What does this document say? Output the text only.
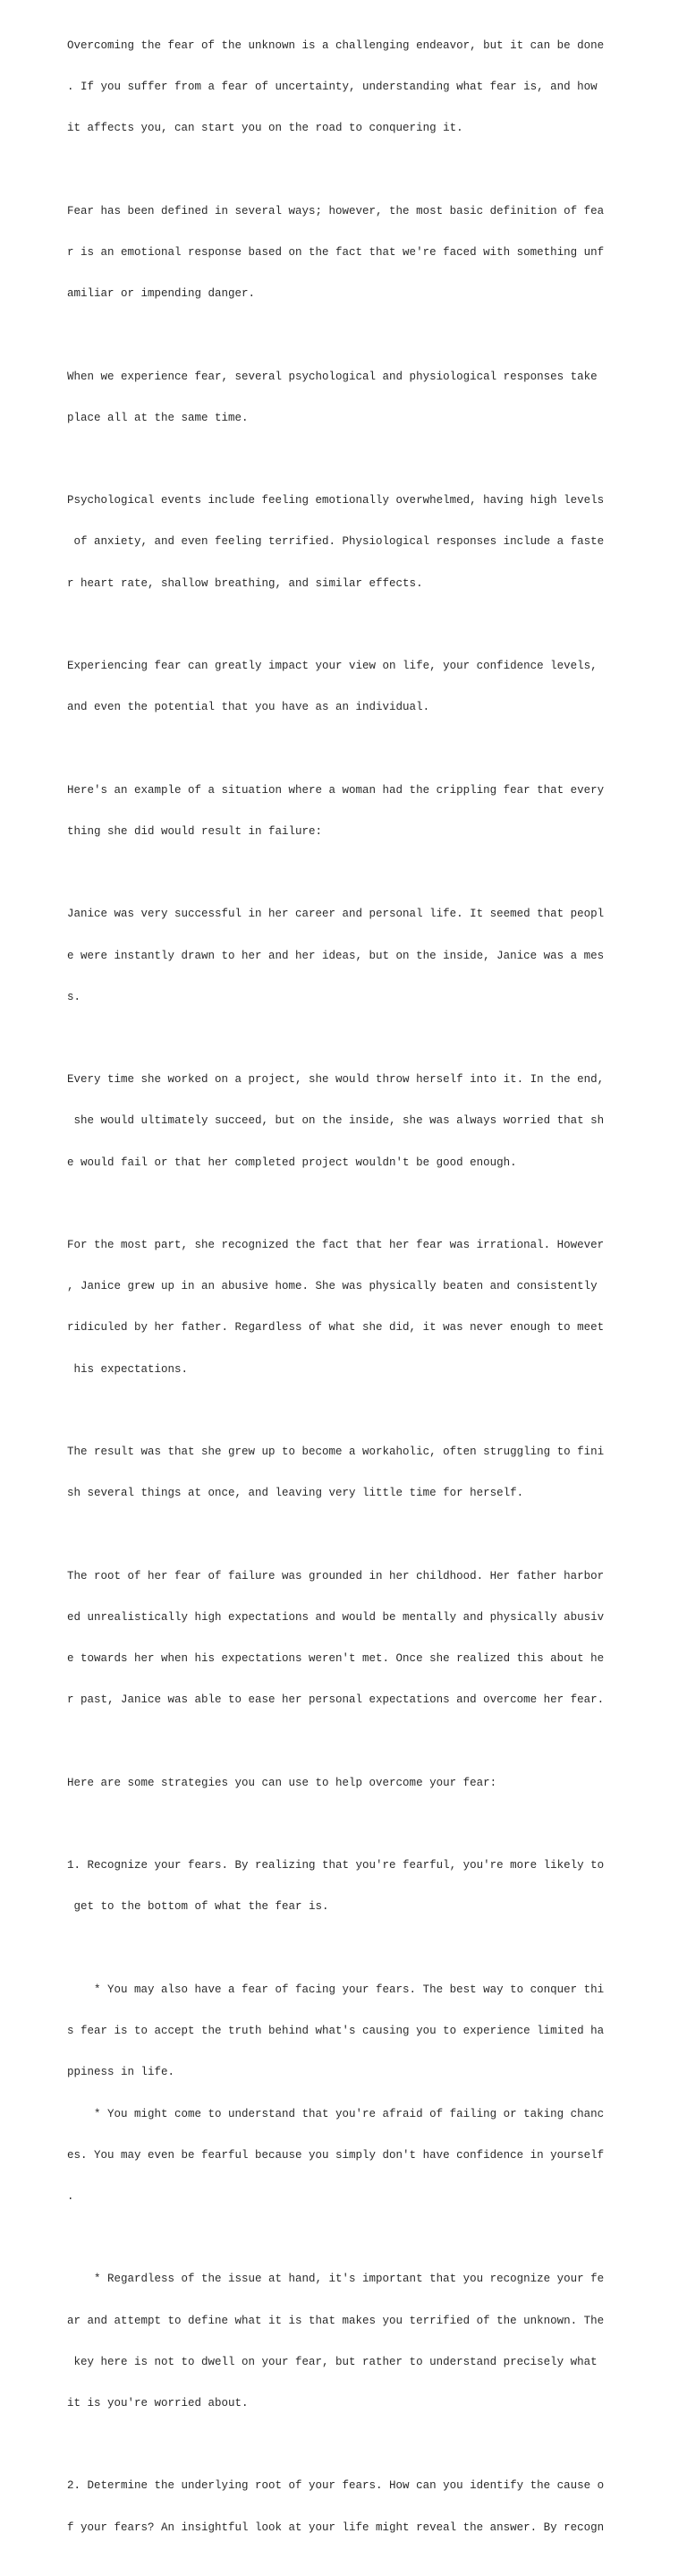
Overcoming the fear of the unknown is a challenging endeavor, but it can be done

. If you suffer from a fear of uncertainty, understanding what fear is, and how

it affects you, can start you on the road to conquering it.

Fear has been defined in several ways; however, the most basic definition of fea

r is an emotional response based on the fact that we're faced with something unf

amiliar or impending danger.

When we experience fear, several psychological and physiological responses take

place all at the same time.

Psychological events include feeling emotionally overwhelmed, having high levels

of anxiety, and even feeling terrified. Physiological responses include a faste

r heart rate, shallow breathing, and similar effects.

Experiencing fear can greatly impact your view on life, your confidence levels,

and even the potential that you have as an individual.

Here's an example of a situation where a woman had the crippling fear that every

thing she did would result in failure:

Janice was very successful in her career and personal life. It seemed that peopl

e were instantly drawn to her and her ideas, but on the inside, Janice was a mes

s.

Every time she worked on a project, she would throw herself into it. In the end,

she would ultimately succeed, but on the inside, she was always worried that sh

e would fail or that her completed project wouldn't be good enough.

For the most part, she recognized the fact that her fear was irrational. However

, Janice grew up in an abusive home. She was physically beaten and consistently

ridiculed by her father. Regardless of what she did, it was never enough to meet

his expectations.

The result was that she grew up to become a workaholic, often struggling to fini

sh several things at once, and leaving very little time for herself.

The root of her fear of failure was grounded in her childhood. Her father harbor

ed unrealistically high expectations and would be mentally and physically abusiv

e towards her when his expectations weren't met. Once she realized this about he

r past, Janice was able to ease her personal expectations and overcome her fear.

Here are some strategies you can use to help overcome your fear:

1. Recognize your fears. By realizing that you're fearful, you're more likely to

get to the bottom of what the fear is.

* You may also have a fear of facing your fears. The best way to conquer thi

s fear is to accept the truth behind what's causing you to experience limited ha

ppiness in life.

* You might come to understand that you're afraid of failing or taking chanc

es. You may even be fearful because you simply don't have confidence in yourself

.

* Regardless of the issue at hand, it's important that you recognize your fe

ar and attempt to define what it is that makes you terrified of the unknown. The

key here is not to dwell on your fear, but rather to understand precisely what

it is you're worried about.

2. Determine the underlying root of your fears. How can you identify the cause o

f your fears? An insightful look at your life might reveal the answer. By recogn
